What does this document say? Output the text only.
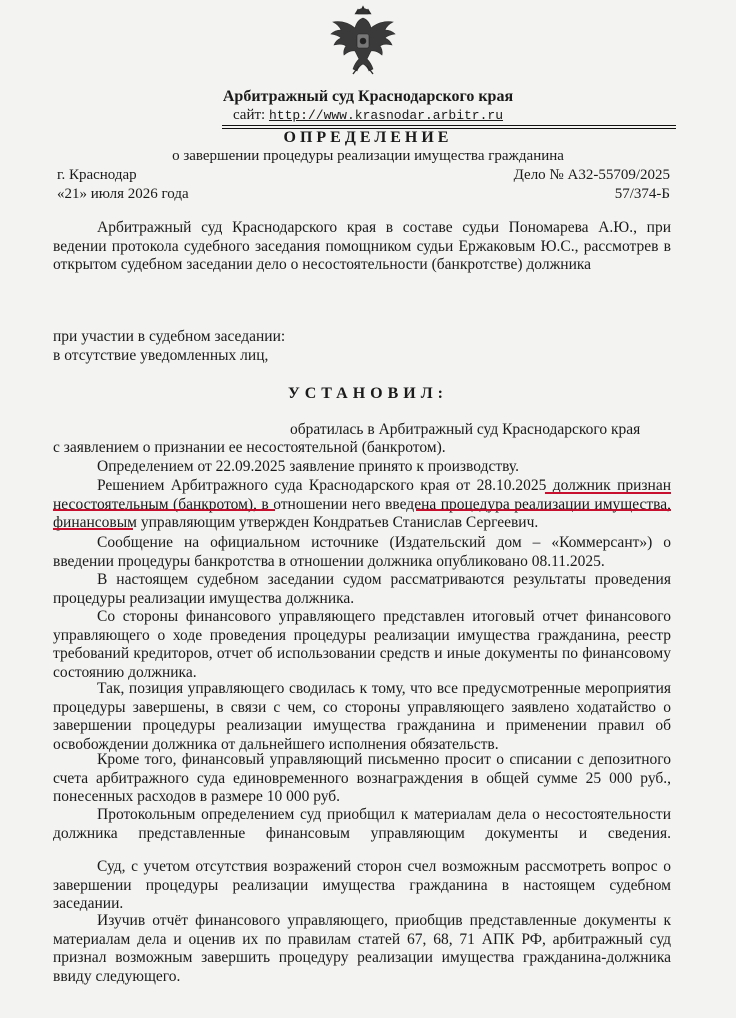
Арбитражный суд Краснодарского края
сайт: http://www.krasnodar.arbitr.ru
ОПРЕДЕЛЕНИЕ
о завершении процедуры реализации имущества гражданина
г. Краснодар
«21» июля 2026 года
Дело № А32-55709/2025
57/374-Б
Арбитражный суд Краснодарского края в составе судьи Пономарева А.Ю., при ведении протокола судебного заседания помощником судьи Ержаковым Ю.С., рассмотрев в открытом судебном заседании дело о несостоятельности (банкротстве) должника
при участии в судебном заседании:
в отсутствие уведомленных лиц,
УСТАНОВИЛ:
обратилась в Арбитражный суд Краснодарского края
с заявлением о признании ее несостоятельной (банкротом).
Определением от 22.09.2025 заявление принято к производству.
Решением Арбитражного суда Краснодарского края от 28.10.2025 должник признан несостоятельным (банкротом), в отношении него введена процедура реализации имущества, финансовым управляющим утвержден Кондратьев Станислав Сергеевич.
Сообщение на официальном источнике (Издательский дом – «Коммерсант») о введении процедуры банкротства в отношении должника опубликовано 08.11.2025.
В настоящем судебном заседании судом рассматриваются результаты проведения процедуры реализации имущества должника.
Со стороны финансового управляющего представлен итоговый отчет финансового управляющего о ходе проведения процедуры реализации имущества гражданина, реестр требований кредиторов, отчет об использовании средств и иные документы по финансовому состоянию должника.
Так, позиция управляющего сводилась к тому, что все предусмотренные мероприятия процедуры завершены, в связи с чем, со стороны управляющего заявлено ходатайство о завершении процедуры реализации имущества гражданина и применении правил об освобождении должника от дальнейшего исполнения обязательств.
Кроме того, финансовый управляющий письменно просит о списании с депозитного счета арбитражного суда единовременного вознаграждения в общей сумме 25 000 руб., понесенных расходов в размере 10 000 руб.
Протокольным определением суд приобщил к материалам дела о несостоятельности должника представленные финансовым управляющим документы и сведения.
Суд, с учетом отсутствия возражений сторон счел возможным рассмотреть вопрос о завершении процедуры реализации имущества гражданина в настоящем судебном заседании.
Изучив отчёт финансового управляющего, приобщив представленные документы к материалам дела и оценив их по правилам статей 67, 68, 71 АПК РФ, арбитражный суд признал возможным завершить процедуру реализации имущества гражданина-должника ввиду следующего.
